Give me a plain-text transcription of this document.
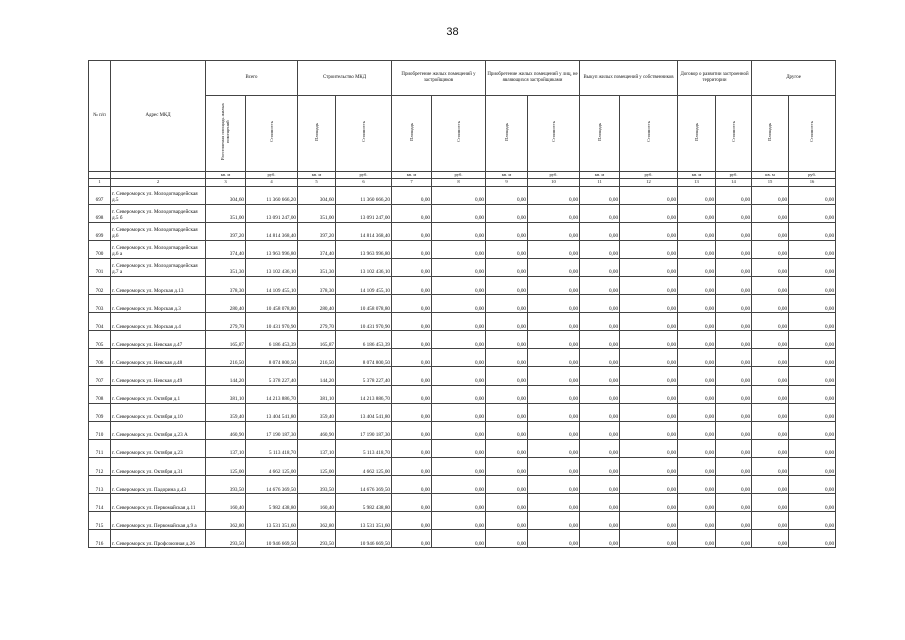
38
№ п/п	Адрес МКД	Всего		Строительство МКД		Приобретение жилых помещений у застройщиков		Приобретение жилых помещений у лиц, не являющихся застройщиками		Выкуп жилых помещений у собственников		Договор о развитии застроенной территории		Другое	
		Расселяемая площадь жилых помещений	Стоимость	Площадь	Стоимость	Площадь	Стоимость	Площадь	Стоимость	Площадь	Стоимость	Площадь	Стоимость	Площадь	Стоимость
		кв. м	руб.	кв. м	руб.	кв. м	руб.	кв. м	руб.	кв. м	руб.	кв. м	руб.	кв. м	руб.
1	2	3	4	5	6	7	8	9	10	11	12	13	14	15	16
697	г. Североморск ул. Молодогвардейская д.5	304,60	11 360 666,20	304,60	11 360 666,20	0,00	0,00	0,00	0,00	0,00	0,00	0,00	0,00	0,00	0,00
698	г. Североморск ул. Молодогвардейская д.5 б	351,00	13 091 247,00	351,00	13 091 247,00	0,00	0,00	0,00	0,00	0,00	0,00	0,00	0,00	0,00	0,00
699	г. Североморск ул. Молодогвардейская д.6	397,20	14 814 368,40	397,20	14 814 368,40	0,00	0,00	0,00	0,00	0,00	0,00	0,00	0,00	0,00	0,00
700	г. Североморск ул. Молодогвардейская д.6 а	374,40	13 963 996,80	374,40	13 963 996,80	0,00	0,00	0,00	0,00	0,00	0,00	0,00	0,00	0,00	0,00
701	г. Североморск ул. Молодогвардейская д.7 а	351,30	13 102 436,10	351,30	13 102 436,10	0,00	0,00	0,00	0,00	0,00	0,00	0,00	0,00	0,00	0,00
702	г. Североморск ул. Морская д.13	378,30	14 109 455,10	378,30	14 109 455,10	0,00	0,00	0,00	0,00	0,00	0,00	0,00	0,00	0,00	0,00
703	г. Североморск ул. Морская д.3	280,40	10 458 078,80	280,40	10 458 078,80	0,00	0,00	0,00	0,00	0,00	0,00	0,00	0,00	0,00	0,00
704	г. Североморск ул. Морская д.4	279,70	10 431 970,90	279,70	10 431 970,90	0,00	0,00	0,00	0,00	0,00	0,00	0,00	0,00	0,00	0,00
705	г. Североморск ул. Невская д.47	165,87	6 186 453,39	165,87	6 186 453,39	0,00	0,00	0,00	0,00	0,00	0,00	0,00	0,00	0,00	0,00
706	г. Североморск ул. Невская д.48	216,50	8 074 800,50	216,50	8 074 800,50	0,00	0,00	0,00	0,00	0,00	0,00	0,00	0,00	0,00	0,00
707	г. Североморск ул. Невская д.49	144,20	5 378 227,40	144,20	5 378 227,40	0,00	0,00	0,00	0,00	0,00	0,00	0,00	0,00	0,00	0,00
708	г. Североморск ул. Октября д.1	381,10	14 213 886,70	381,10	14 213 886,70	0,00	0,00	0,00	0,00	0,00	0,00	0,00	0,00	0,00	0,00
709	г. Североморск ул. Октября д.10	359,40	13 404 541,80	359,40	13 404 541,80	0,00	0,00	0,00	0,00	0,00	0,00	0,00	0,00	0,00	0,00
710	г. Североморск ул. Октября д.23 А	460,90	17 190 187,30	460,90	17 190 187,30	0,00	0,00	0,00	0,00	0,00	0,00	0,00	0,00	0,00	0,00
711	г. Североморск ул. Октября д.23	137,10	5 113 418,70	137,10	5 113 418,70	0,00	0,00	0,00	0,00	0,00	0,00	0,00	0,00	0,00	0,00
712	г. Североморск ул. Октября д.31	125,00	4 662 125,00	125,00	4 662 125,00	0,00	0,00	0,00	0,00	0,00	0,00	0,00	0,00	0,00	0,00
713	г. Североморск ул. Падорина д.43	393,50	14 676 369,50	393,50	14 676 369,50	0,00	0,00	0,00	0,00	0,00	0,00	0,00	0,00	0,00	0,00
714	г. Североморск ул. Первомайская д.11	160,40	5 982 438,80	160,40	5 982 438,80	0,00	0,00	0,00	0,00	0,00	0,00	0,00	0,00	0,00	0,00
715	г. Североморск ул. Первомайская д.9 а	362,80	13 531 351,60	362,80	13 531 351,60	0,00	0,00	0,00	0,00	0,00	0,00	0,00	0,00	0,00	0,00
716	г. Североморск ул. Профсоюзная д.26	293,50	10 946 669,50	293,50	10 946 669,50	0,00	0,00	0,00	0,00	0,00	0,00	0,00	0,00	0,00	0,00
